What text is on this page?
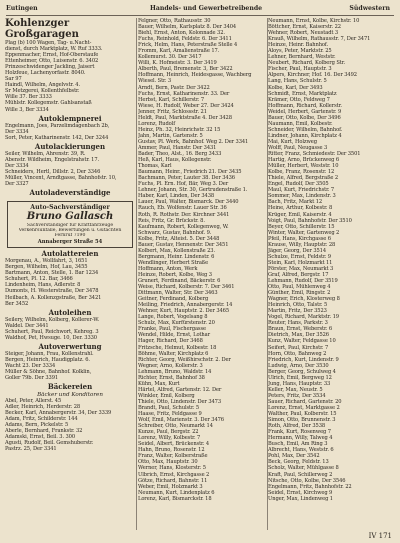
Eutingen	Handels- und Gewerbetreibende	Südwestern
Kohlenzger Großgaragen
Plag (b) 100 Wagen, Tag- u.Nacht-
dienst, durch Marktplatz, W. Ruf 3333.
Eppenmacher, Ernst, Hof-Oberstaufe
Ettenheimer, Otto, Luisenstr. 6. 3402
Prinzeschwidenger Jackling, Jaisert
Holzfeue, Lachenyorfastr. 8040.
Sar 97
Haindl, Wilhelm, Angelvstr. 4.
Sr Metzgerei, Kollenthfelbstr.
Wille 37. Ber 3333
Mühlstr. Kollegemstr. Gahlsanstaß
Wille 3, Ber 3334
Autoklempnerei
Engelmann, Joes, Parzelimdagenbach 2b,
Der 3334
Sort, Peter, Katharinenstr. 142, Der 3244
Autolackierungen
Seiler, Wilhelm, Ährenstr. 39, R.
Abenstr. Wildheim, Engelstrahstr. 17.
Der 3334
Schneiders, Hertl, Dillstr. 2, Der 3346
Müller, Vincent, Arndtgasse, Bahnhofstr. 10,
Der 3327
Autoladeverständige
Auto-Sachverständiger
Bruno Gallasch
Sachverständiger für Kraftfahrzeuge
Verkehrsunfälle, Bewertungen u. Gutachten
Fernruf 7190
Annaberger Straße 54
Autolattereien
Morgenau, A., Wollfahrt, 3, 1651
Bergen, Wilhelm, Hof, Lau, 3455
Bartmann, Anton, Stelle, 1. Bar 1234
Schuhert, Pl. 12. Bar, 3466
Lindenheim, Hans, Adlerstr. 8
Dumonts, H. Westerstraße, Der 3478
Heilbach, A. Kollenzgstraße, Ber 3421
Ber 3452
Autoleihen
Seilery, Wilhelm, Kolberg, Kollerer-W.
Waldel. Der 3441
Schuhert, Paul, Reichwort, Kehreg. 3
Waldhof, Pet, Hwsuge. 10, Der. 3330
Autoverwertung
Steiger, Johann, Frau, Kollenstrahl.
Bergen, Heinrich, Haudigplatz. 6.
Wacht 23. Der 3334
Müller & Söhne, Bahnhof. Kolklin,
Goller 79b. Der 3391
Bäckereien
Bäcker und Konditoren
Abel, Peter, Allerst. 45
Adler, Heinrich, Herderstr. 28
Becker, Karl, Annabergerstr. 34, Der 3339
Adam, Fritz, Schilderstr. 144
Adams, Bern, Pickelstr. 5
Aberle, Bernhard, Frankstr. 32
Adamski, Ernst, Beil. 3. 300
Agusti, Rudolf, Beil. Gemshuberstr.
Pastrz. 25, Der 3341
Felgner, Otto, Rathausstr. 30
Bauer, Wilhelm, Karlsplatz 8. Der 3404
Biehl, Ernst, Anton, Kolonnade 32.
Fuchs, Reinhold, Feldstr. 6. Der 3411
Frick, Helm, Hans, Peterstraße Stelle 4
Fromm, Karl, Amalienstraße 17.
Kollemurst. 30. Der 3417
Willi, K. Hofmeistr. 3. Der 3419
Alberth, Paul, Bremenstr. 3, Ber 3422
Hoffmann, Heinrich, Heidesgasse, Wachberg
Wiesel. Str. 3
Arndt, Bern, Pastr. Der 3422
Fuchs, Ernst, Katharinenstr. 33. Der
Herbst, Karl, Schillerstr. 7
Wiese, H. Rudolf, Weber 27. Der 3424
Jenner, Fritz, Schlossstr. 21
Heldt, Paul, Marktstraße 4. Der 3428
Lorenz, Rudolf
Heinz, Ph. 32, Heinrichstr. 32 15
Jahn, Martin, Gartenstr. 5
Gustav, Pl. Werk, Bahnhof. Weg 2. Der 3341
Ammer, Paul, Hanstr. Der 3431
Bader, Theo, Alst., 16. Berg 3433
Heß, Karl, Haus, Kollegenstr.
Thomas, Karl
Baumann, Heinr., Friedrich 21. Der 3435
Bachmann, Peter, Lauter 38. Der 3436
Fuchs, Pl. Ern. Hof, Bär, Weg 3. Der
Lehner, Johann, Str. 30, Gertrudenstraße 1.
Haber, Karl, Linden, Der 3438
Lauer, Paul, Walter, Bismarck. Der 3440
Rauch, Eb. Wolfenstr. Lauer Str. 36
Roth, R. Rothstr. Der. Kirchner 3441
Reis, Fritz, Gr. Brückstr. 8.
Kaufmann, Robert, Kollegenweg, W.
Schwarz, Gustav, Bahnhof. 9.
Kolbe, Fritz, Alteist. 5. Der 3448
Bauer, Gustav, Hennenstr. Der 3451
Kolbert, Max, Kollenstraße 23.
Bergmann, Heinr. Lindenstr. 6
Wendlinger, Herbert Straße
Hoffmann, Anton, Werk
Heinze, Robert, Kolbe, Weg 3
Grunert, Ferdinand, Bäckerstr. 6
Weise, Richard, Kolberstr. 7. Der 3461
Dittmann, Walter, Str. Der 3463
Geitner, Ferdinand, Kolberg
Meiling, Friedrich, Annabergerstr. 14
Wehner, Kurt, Hauptstr. 2. Der 3465
Lange, Robert, Vogelsang 8
Schulz, Max, Kurfürstenstr. 20
Franke, Paul, Fischergasse
Wendel, Hilde, Ernst, Lothar
Hager, Richard, Der 3468
Fritzsche, Helmut, Kolbestr. 18
Böhme, Walter, Kirchplatz 6
Richter, Georg, Weißhirschstr. 2. Der
Wegner, Arno, Kollerstr. 3
Lehmann, Bruno, Waldstr. 14
Richter, Ernst, Bahnhof 38
Kühn, Max, Kurt
Härtel, Alfred, Gartenstr. 12. Der
Winkler, Emil, Kolberg
Thiele, Otto, Lindenstr. Der 3473
Brandt, Paul, Schulstr. 5
Haase, Fritz, Feldgasse 9
Wolf, Emil, Marienstr. 3. Der 3476
Schreiber, Otto, Neumarkt 14
Kunze, Paul, Bergstr. 22
Lorenz, Willy, Kolbestr. 7
Seidel, Albert, Brückenstr. 4
Hahn, Bruno, Rosenstr. 12
Franz, Walter, Kolberstraße
Otto, Max, Hauptstr. 30
Werner, Hans, Klosterstr. 5
Ulbrich, Ernst, Kirchgasse 2
Götze, Richard, Bahnstr. 11
Weber, Emil, Holzmarkt 3
Neumann, Kurt, Lindenplatz 6
Lorenz, Karl, Bismarckstr. 18
Neumann, Ernst, Kolbe, Kirchstr. 10
Böttcher, Ernst, Kaiserstr. 22
Wehner, Robert, Neustadt 3
Krauß, Wilhelm, Rathausstr. 7, Der 3471
Heinze, Heinr. Bahnhof.
Aloys, Peter, Marktstr. 25
Lehner, Bernhard, Weststr.
Neubert, Richard, Kolberg Str.
Fischer, Paul, Hauptstr. 3
Alpers, Kirchner, Hof. 16. Der 3492
Lang, Hans, Schulstr. 5
Kolbe, Karl, Der 3493
Schmidt, Ernst, Marktplatz
Krämer, Otto, Feldweg 7
Hoffmann, Richard, Kollerstr.
Weidel, Herbert, Gartenstr. 9
Bauer, Otto, Kolbe, Der 3496
Naumann, Emil, Kolbestr.
Schneider, Wilhelm, Bahnhof.
Lindner, Johann, Kirchplatz 4
Mai, Kurt, Holzweg
Wolff, Paul, Neugasse 3
Ritter, Franz, Schmiedestr. Der 3501
Hartig, Arno, Brückenweg 6
Müller, Herbert, Weststr. 10
Kolbe, Franz, Rosenstr. 12
Thiele, Alfred, Bergstraße 2
Engel, Rudolf, Der 3505
Maul, Kurt, Friedrichstr. 7
Sommer, Max, Lindenstr. 3
Bach, Fritz, Markt 12
Heine, Arthur, Kolbestr. 8
Krüger, Emil, Kaiserstr. 4
Voigt, Paul, Bahnhofstr. Der 3510
Beyer, Otto, Schillerstr. 15
Winter, Walter, Gartenweg 2
Pfeil, Hans, Kirchgasse 6
Krause, Willy, Hauptstr. 28
Jäger, Georg, Der 3514
Schulze, Ernst, Feldstr. 9
Stein, Karl, Holzmarkt 11
Förster, Max, Neumarkt 3
Graf, Alfred, Bergstr. 17
Lehmann, Rudolf, Der 3519
Otto, Paul, Mühlenweg 4
Günther, Emil, Ringstr. 2
Wagner, Erich, Klosterweg 8
Heinrich, Otto, Talstr. 5
Martin, Fritz, Der 3523
Vogel, Richard, Marktstr. 19
Reuter, Hans, Parkstr. 3
Braun, Ernst, Weberstr. 6
Dietrich, Max, Der 3526
Kunz, Walter, Feldgasse 10
Seifert, Paul, Kirchstr. 7
Horn, Otto, Bahnweg 2
Friedrich, Kurt, Lindenstr. 9
Ludwig, Arno, Der 3530
Berger, Georg, Schulweg 4
Ulrich, Emil, Bergweg 12
Jung, Hans, Hauptstr. 33
Keller, Max, Neustr. 5
Peters, Fritz, Der 3534
Sauer, Richard, Gartenstr. 20
Lorenz, Ernst, Marktgasse 2
Walther, Paul, Kolberstr. 15
Simon, Otto, Brunnenstr. 3
Roth, Alfred, Der 3538
Frank, Kurt, Rosenweg 7
Hermann, Willy, Talweg 4
Busch, Emil, Am Ring 3
Albrecht, Hans, Weststr. 6
Pohl, Max, Der 3542
Beck, Georg, Feldstr. 13
Scholz, Walter, Mühlgasse 8
Kraft, Paul, Schillerweg 2
Nitsche, Otto, Kolbe, Der 3546
Engelmann, Fritz, Bahnhofstr. 22
Seidel, Ernst, Kirchweg 9
Unger, Max, Lindenweg 1
IV 171
